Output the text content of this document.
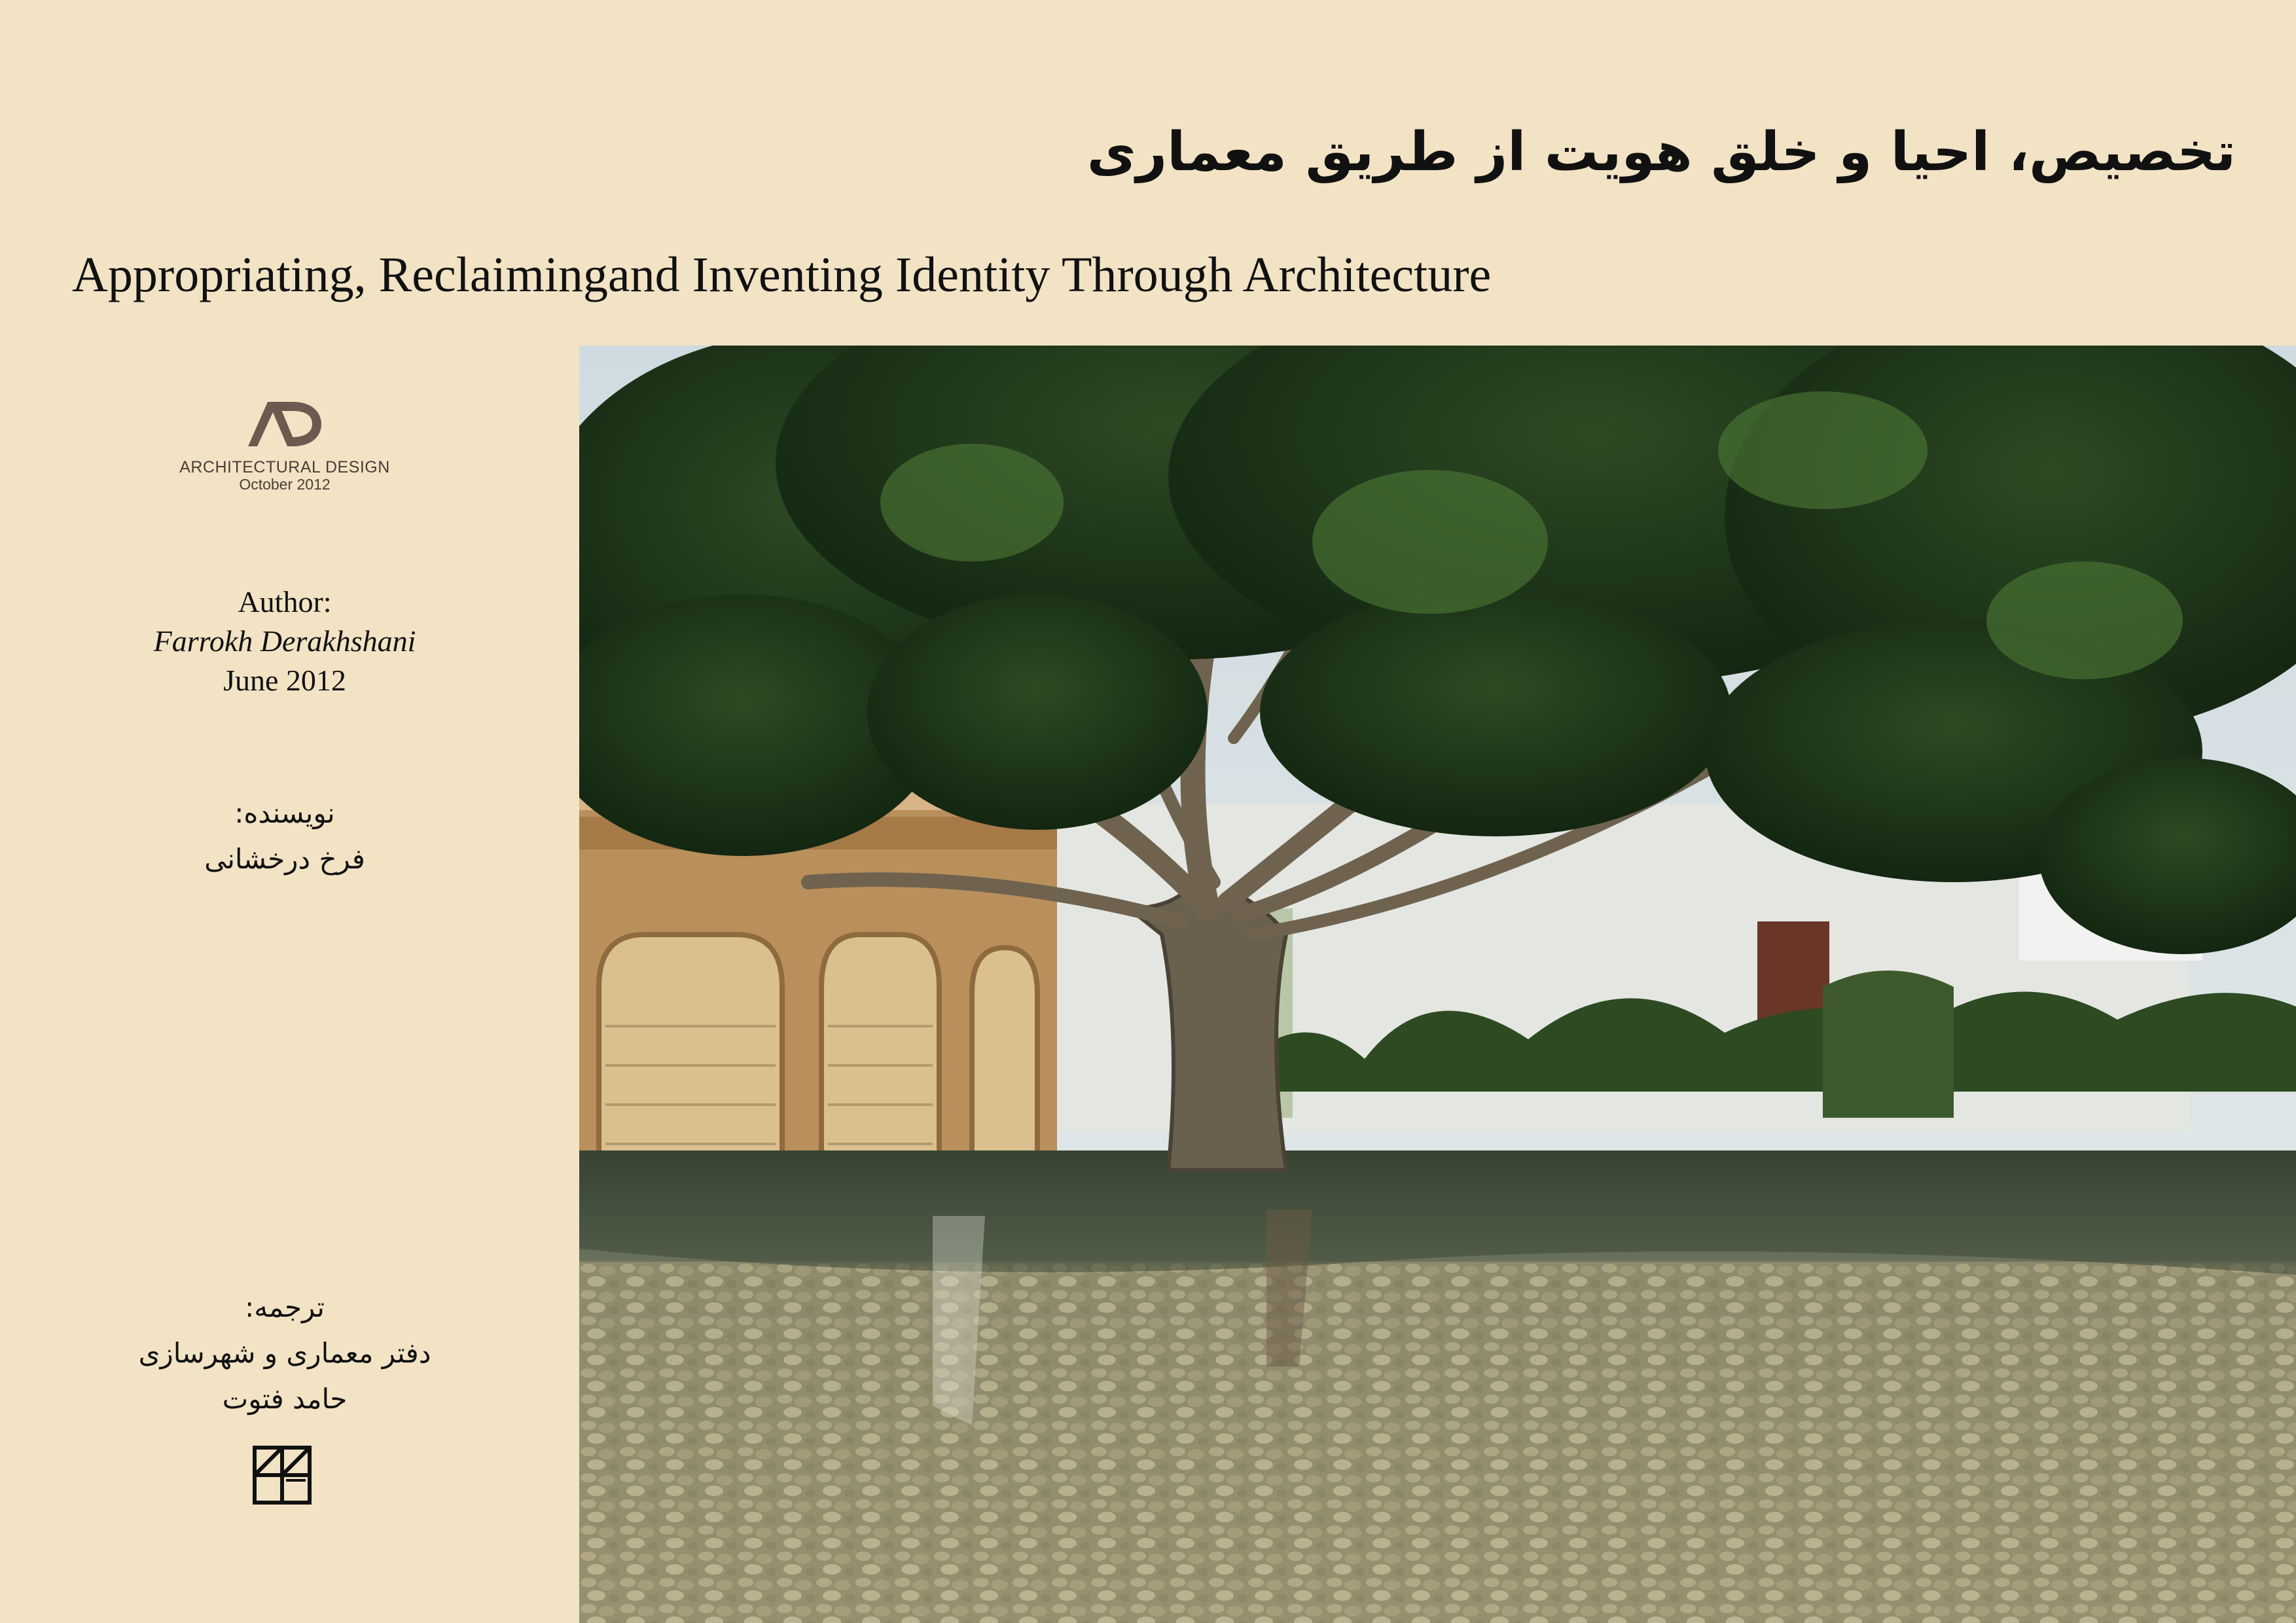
تخصیص، احیا و خلق هویت از طریق معماری
Appropriating, Reclaimingand Inventing Identity Through Architecture
ARCHITECTURAL DESIGN
October 2012
Author:
Farrokh Derakhshani
June 2012
نویسنده:
فرخ درخشانی
ترجمه:
دفتر معماری و شهرسازی
حامد فتوت
